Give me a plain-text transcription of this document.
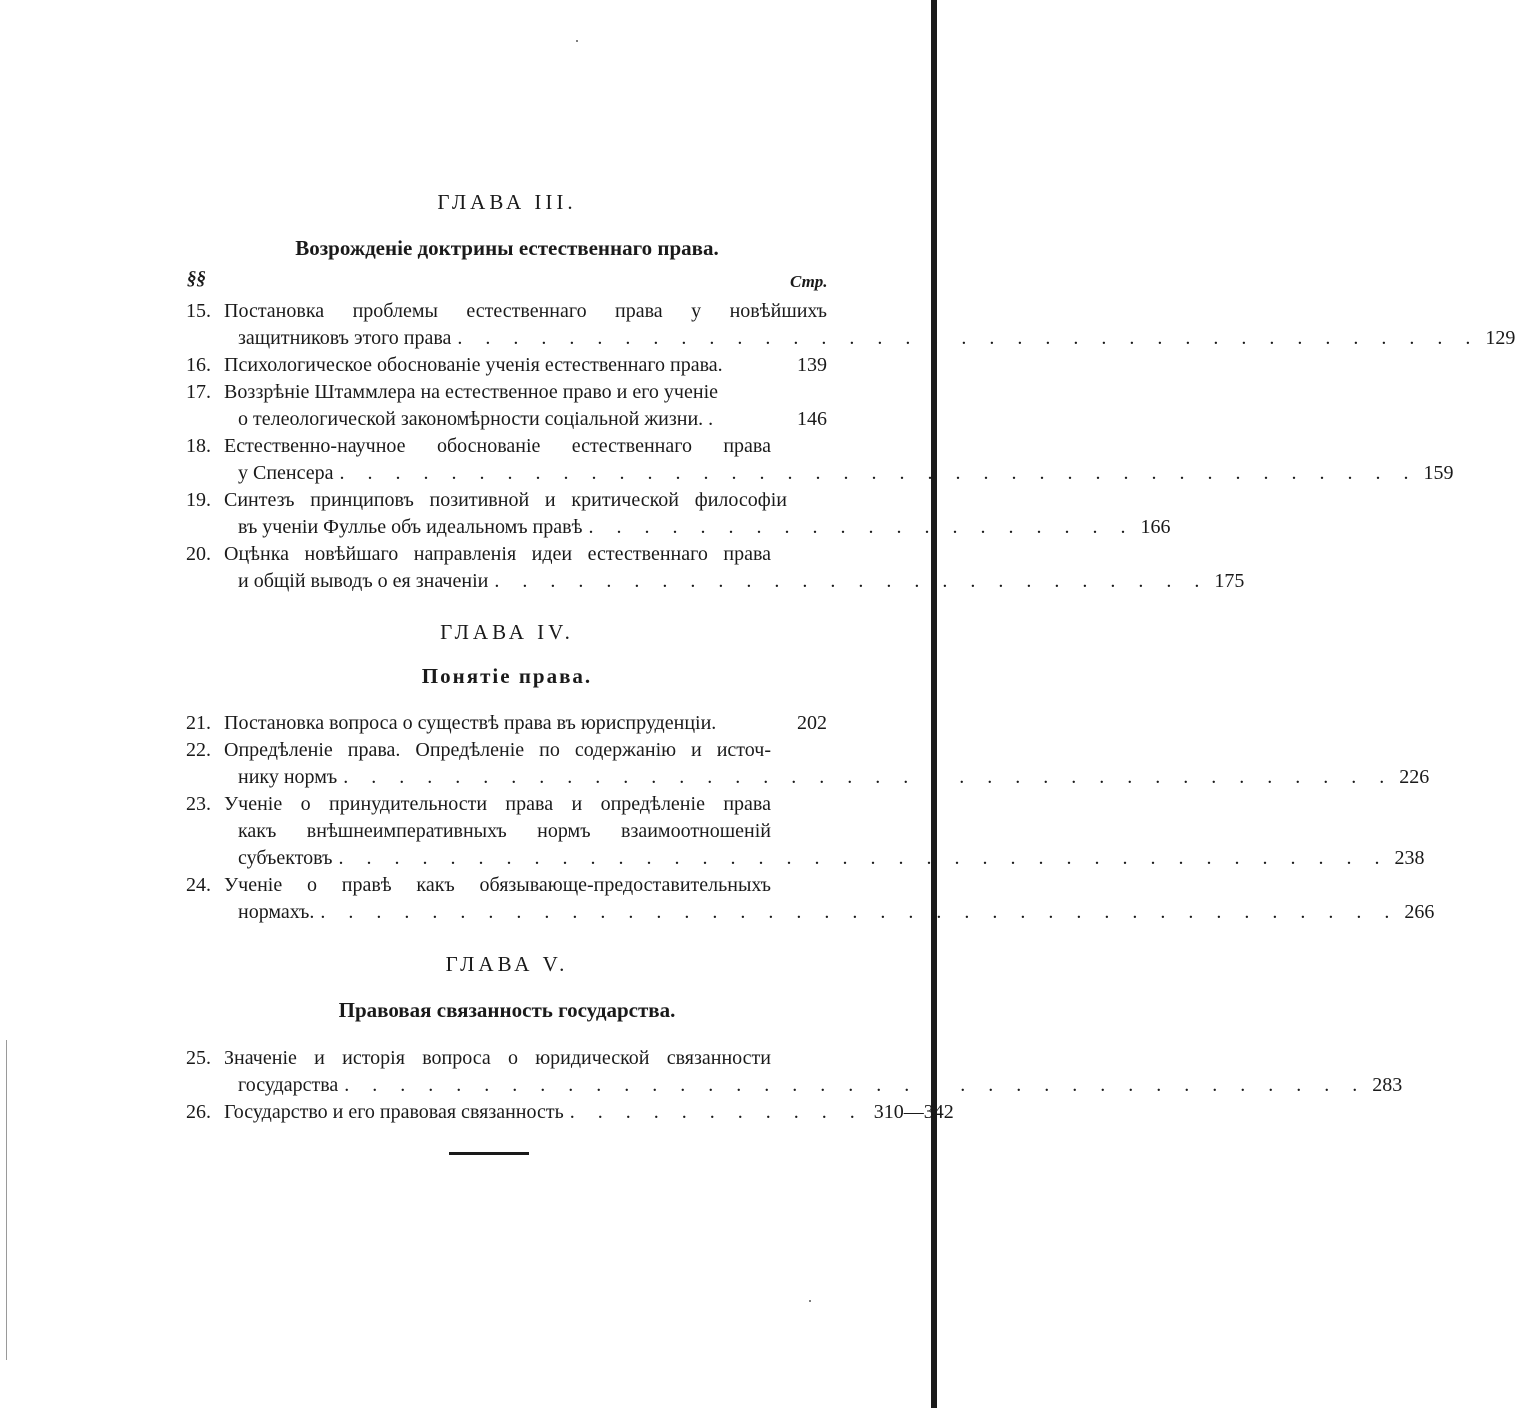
ГЛАВА III.
Возрожденіе доктрины естественнаго права.
§§	Стр.
15. Постановка проблемы естественнаго права у новѣйшихъ
защитниковъ этого права . . . . . . . . . . . . . . . . . . . . . . . . . . . . . . . . . . . . . 129
16. Психологическое обоснованіе ученія естественнаго права.	139
17. Воззрѣніе Штаммлера на естественное право и его ученіе
о телеологической закономѣрности соціальной жизни. .	146
18. Естественно-научное обоснованіе естественнаго права
у Спенсера . . . . . . . . . . . . . . . . . . . . . . . . . . . . . . . . . . . . . . . 159
19. Синтезъ принциповъ позитивной и критической философіи
въ ученіи Фуллье объ идеальномъ правѣ . . . . . . . . . . . . . . . . . . . . 166
20. Оцѣнка новѣйшаго направленія идеи естественнаго права
и общій выводъ о ея значеніи . . . . . . . . . . . . . . . . . . . . . . . . . . 175
ГЛАВА IV.
Понятіе права.
21. Постановка вопроса о существѣ права въ юриспруденціи.	202
22. Опредѣленіе права. Опредѣленіе по содержанію и источ-
нику нормъ . . . . . . . . . . . . . . . . . . . . . . . . . . . . . . . . . . . . . . 226
23. Ученіе о принудительности права и опредѣленіе права
какъ внѣшнеимперативныхъ нормъ взаимоотношеній
субъектовъ . . . . . . . . . . . . . . . . . . . . . . . . . . . . . . . . . . . . . . 238
24. Ученіе о правѣ какъ обязывающе-предоставительныхъ
нормахъ. . . . . . . . . . . . . . . . . . . . . . . . . . . . . . . . . . . . . . . . 266
ГЛАВА V.
Правовая связанность государства.
25. Значеніе и исторія вопроса о юридической связанности
государства . . . . . . . . . . . . . . . . . . . . . . . . . . . . . . . . . . . . . 283
26. Государство и его правовая связанность . . . . . . . . . . . 310—342
